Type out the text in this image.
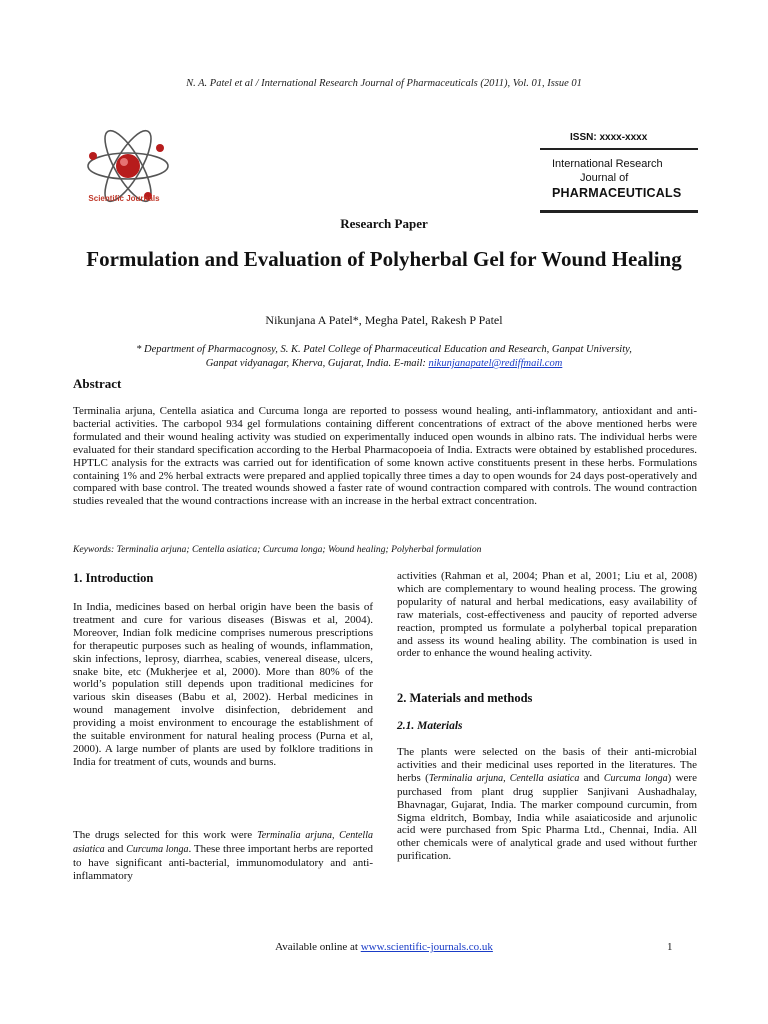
N. A. Patel et al / International Research Journal of Pharmaceuticals (2011), Vol. 01, Issue 01
Scientific Journals
ISSN: xxxx-xxxx
International Research
Journal of
PHARMACEUTICALS
Research Paper
Formulation and Evaluation of Polyherbal Gel for Wound Healing
Nikunjana A Patel*, Megha Patel, Rakesh P Patel
* Department of Pharmacognosy, S. K. Patel College of Pharmaceutical Education and Research, Ganpat University,
Ganpat vidyanagar, Kherva, Gujarat, India. E-mail: nikunjanapatel@rediffmail.com
Abstract
Terminalia arjuna, Centella asiatica and Curcuma longa are reported to possess wound healing, anti-inflammatory, antioxidant and anti-bacterial activities. The carbopol 934 gel formulations containing different concentrations of extract of the above mentioned herbs were formulated and their wound healing activity was studied on experimentally induced open wounds in albino rats. The individual herbs were evaluated for their standard specification according to the Herbal Pharmacopoeia of India. Extracts were obtained by established procedures. HPTLC analysis for the extracts was carried out for identification of some known active constituents present in these herbs. Formulations containing 1% and 2% herbal extracts were prepared and applied topically three times a day to open wounds for 24 days post-operatively and compared with base control. The treated wounds showed a faster rate of wound contraction compared with controls. The wound contraction studies revealed that the wound contractions increase with an increase in the herbal extract concentration.
Keywords: Terminalia arjuna; Centella asiatica; Curcuma longa; Wound healing; Polyherbal formulation
1. Introduction
In India, medicines based on herbal origin have been the basis of treatment and cure for various diseases (Biswas et al, 2004). Moreover, Indian folk medicine comprises numerous prescriptions for therapeutic purposes such as healing of wounds, inflammation, skin infections, leprosy, diarrhea, scabies, venereal disease, ulcers, snake bite, etc (Mukherjee et al, 2000). More than 80% of the world’s population still depends upon traditional medicines for various skin diseases (Babu et al, 2002). Herbal medicines in wound management involve disinfection, debridement and providing a moist environment to encourage the establishment of the suitable environment for natural healing process (Purna et al, 2000). A large number of plants are used by folklore traditions in India for treatment of cuts, wounds and burns.
The drugs selected for this work were Terminalia arjuna, Centella asiatica and Curcuma longa. These three important herbs are reported to have significant anti-bacterial, immunomodulatory and anti- inflammatory
activities (Rahman et al, 2004; Phan et al, 2001; Liu et al, 2008) which are complementary to wound healing process. The growing popularity of natural and herbal medications, easy availability of raw materials, cost-effectiveness and paucity of reported adverse reaction, prompted us formulate a polyherbal topical preparation and assess its wound healing ability. The combination is used in order to enhance the wound healing activity.
2. Materials and methods
2.1. Materials
The plants were selected on the basis of their anti-microbial activities and their medicinal uses reported in the literatures. The herbs (Terminalia arjuna, Centella asiatica and Curcuma longa) were purchased from plant drug supplier Sanjivani Aushadhalay, Bhavnagar, Gujarat, India. The marker compound curcumin, from Sigma eldritch, Bombay, India while asaiaticoside and arjunolic acid were purchased from Spic Pharma Ltd., Chennai, India. All other chemicals were of analytical grade and used without further purification.
Available online at www.scientific-journals.co.uk	1
